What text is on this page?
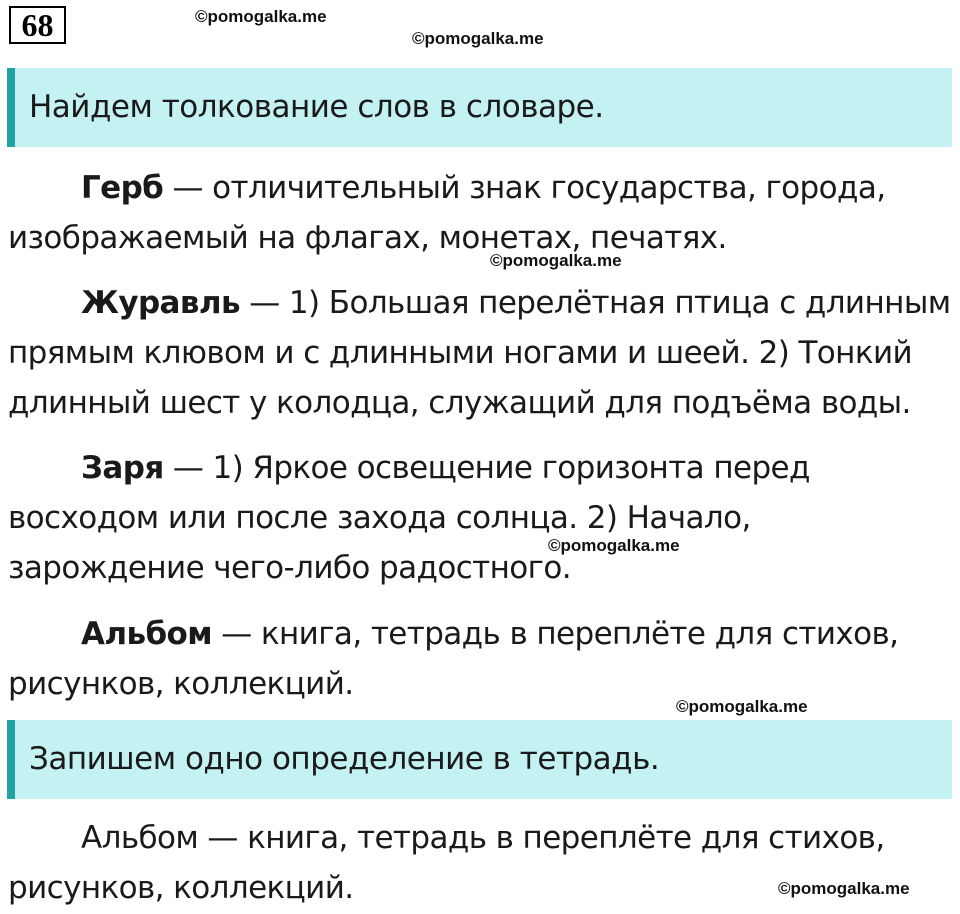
68	©pomogalka.me
©pomogalka.me
Найдем толкование слов в словаре.
Герб — отличительный знак государства, города,
изображаемый на флагах, монетах, печатях.
©pomogalka.me
Журавль — 1) Большая перелётная птица с длинным
прямым клювом и с длинными ногами и шеей. 2) Тонкий
длинный шест у колодца, служащий для подъёма воды.
Заря — 1) Яркое освещение горизонта перед
восходом или после захода солнца. 2) Начало,
зарождение чего-либо радостного.
©pomogalka.me
Альбом — книга, тетрадь в переплёте для стихов,
рисунков, коллекций.
©pomogalka.me
Запишем одно определение в тетрадь.
Альбом — книга, тетрадь в переплёте для стихов,
рисунков, коллекций.	©pomogalka.me
